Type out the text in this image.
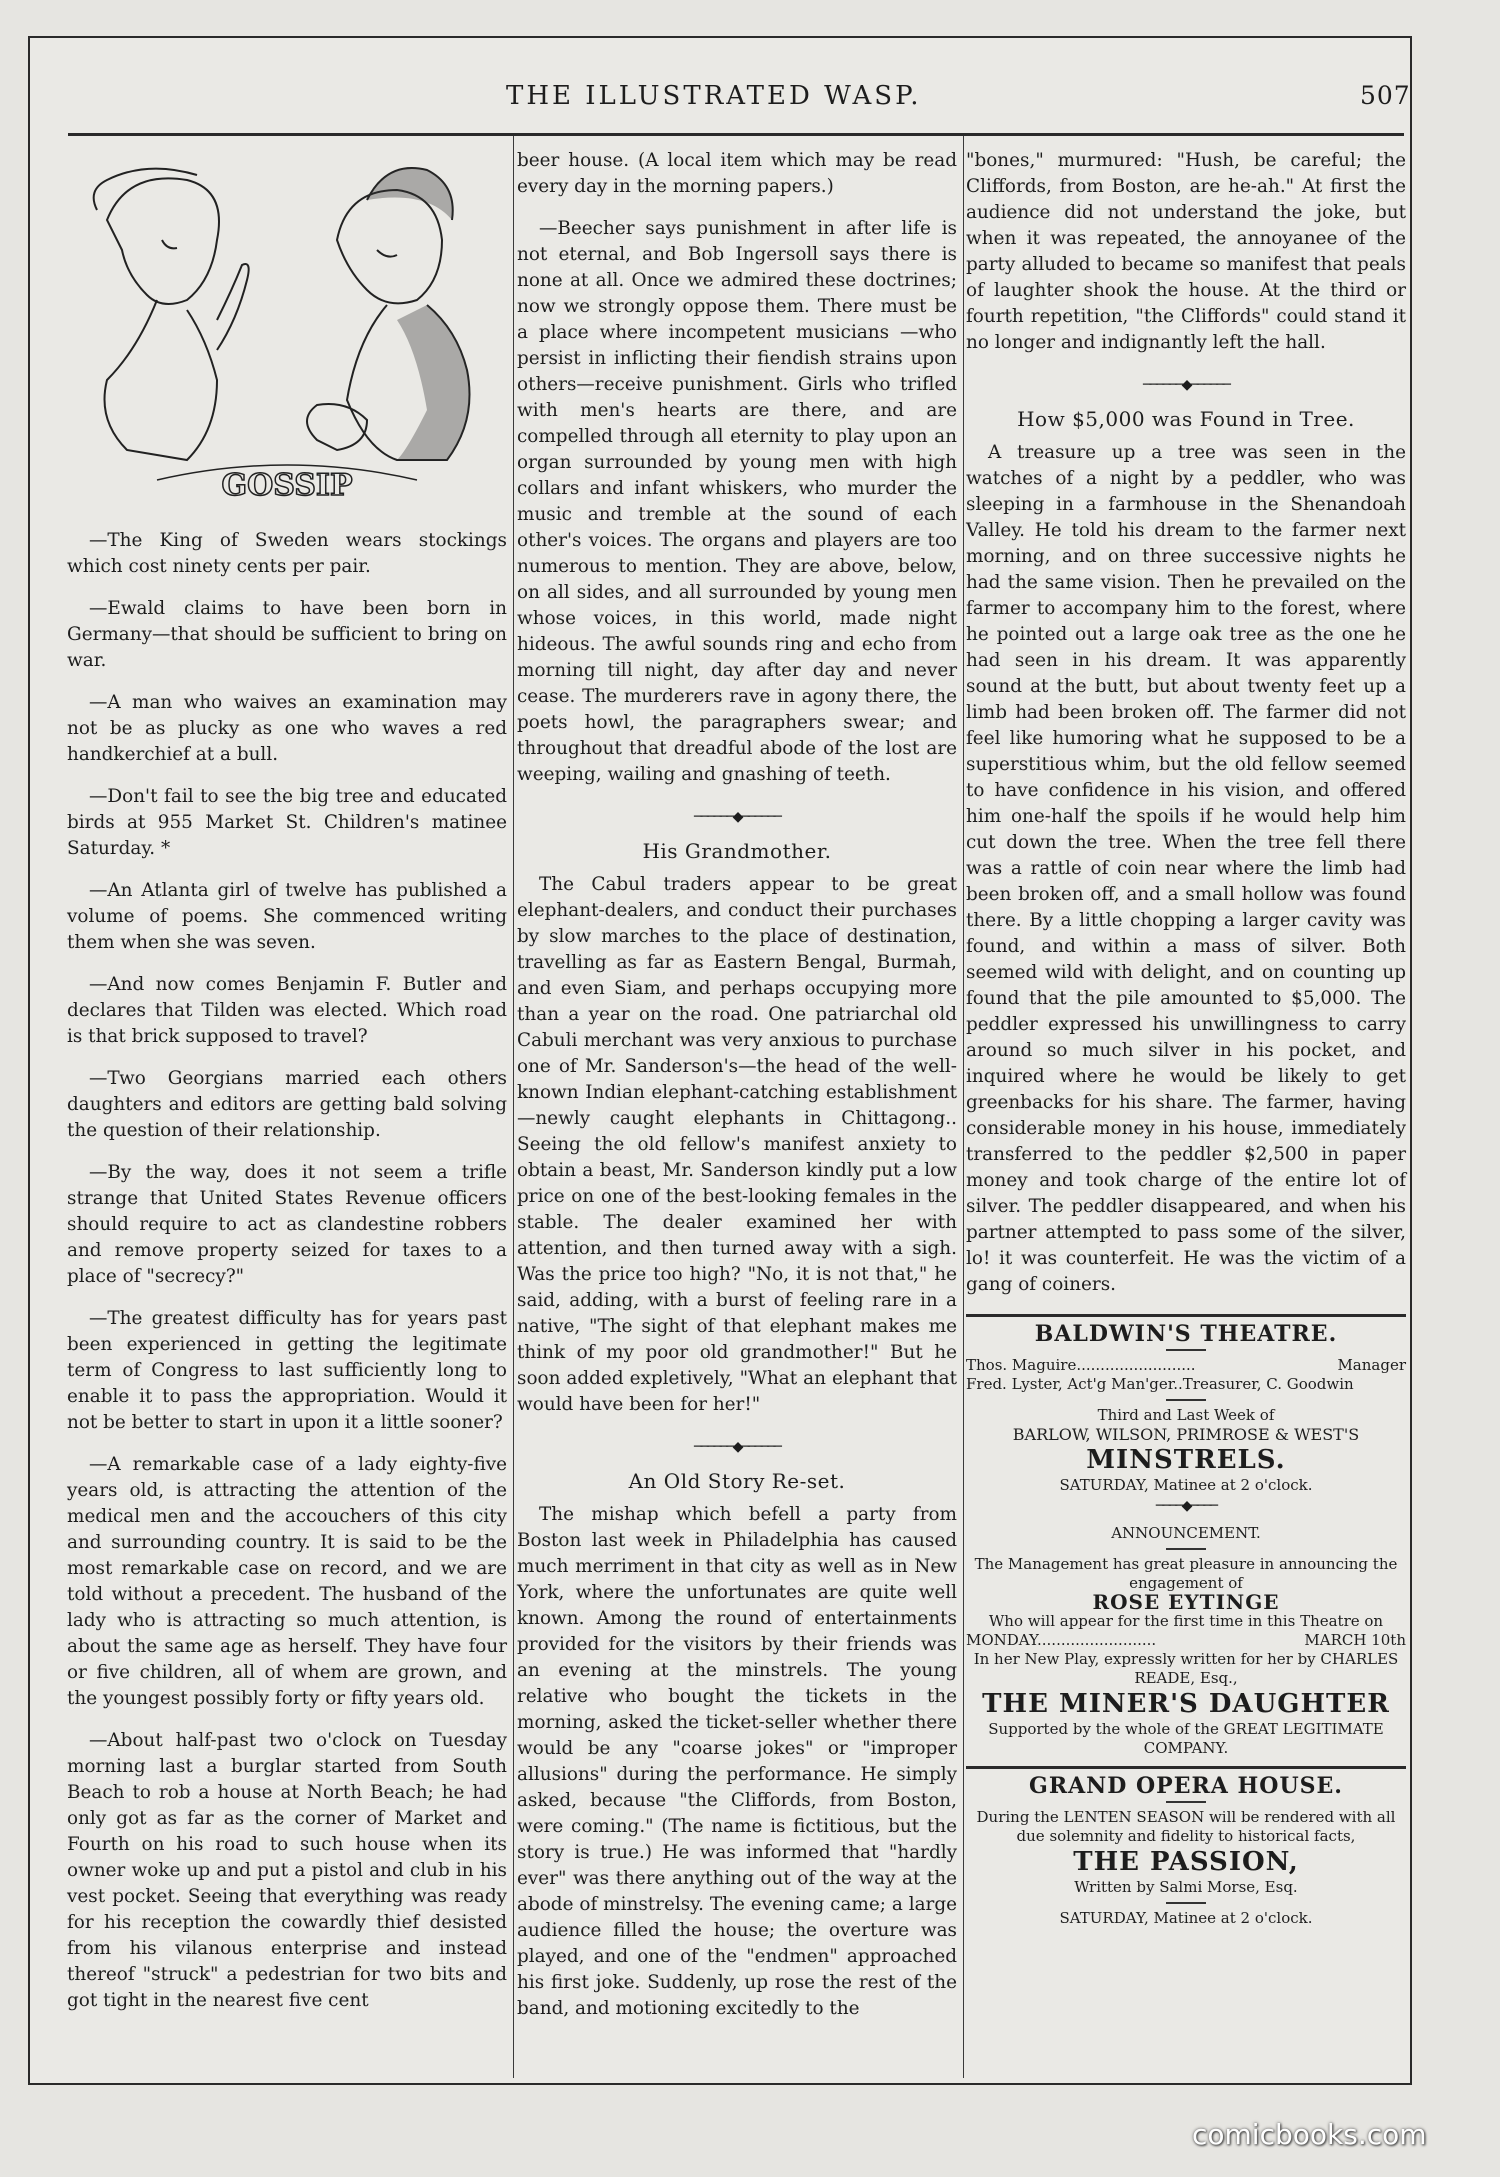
THE ILLUSTRATED WASP.	507
GOSSIP

—The King of Sweden wears stockings which cost ninety cents per pair.

—Ewald claims to have been born in Germany—that should be sufficient to bring on war.

—A man who waives an examination may not be as plucky as one who waves a red handkerchief at a bull.

—Don't fail to see the big tree and educated birds at 955 Market St. Children's matinee Saturday. *

—An Atlanta girl of twelve has published a volume of poems. She commenced writing them when she was seven.

—And now comes Benjamin F. Butler and declares that Tilden was elected. Which road is that brick supposed to travel?

—Two Georgians married each others daughters and editors are getting bald solving the question of their relationship.

—By the way, does it not seem a trifle strange that United States Revenue officers should require to act as clandestine robbers and remove property seized for taxes to a place of "secrecy?"

—The greatest difficulty has for years past been experienced in getting the legitimate term of Congress to last sufficiently long to enable it to pass the appropriation. Would it not be better to start in upon it a little sooner?

—A remarkable case of a lady eighty-five years old, is attracting the attention of the medical men and the accouchers of this city and surrounding country. It is said to be the most remarkable case on record, and we are told without a precedent. The husband of the lady who is attracting so much attention, is about the same age as herself. They have four or five children, all of whem are grown, and the youngest possibly forty or fifty years old.

—About half-past two o'clock on Tuesday morning last a burglar started from South Beach to rob a house at North Beach; he had only got as far as the corner of Market and Fourth on his road to such house when its owner woke up and put a pistol and club in his vest pocket. Seeing that everything was ready for his reception the cowardly thief desisted from his vilanous enterprise and instead thereof "struck" a pedestrian for two bits and got tight in the nearest five cent

beer house. (A local item which may be read every day in the morning papers.)

—Beecher says punishment in after life is not eternal, and Bob Ingersoll says there is none at all. Once we admired these doctrines; now we strongly oppose them. There must be a place where incompetent musicians —who persist in inflicting their fiendish strains upon others—receive punishment. Girls who trifled with men's hearts are there, and are compelled through all eternity to play upon an organ surrounded by young men with high collars and infant whiskers, who murder the music and tremble at the sound of each other's voices. The organs and players are too numerous to mention. They are above, below, on all sides, and all surrounded by young men whose voices, in this world, made night hideous. The awful sounds ring and echo from morning till night, day after day and never cease. The murderers rave in agony there, the poets howl, the paragraphers swear; and throughout that dreadful abode of the lost are weeping, wailing and gnashing of teeth.

──────◆──────
His Grandmother.

The Cabul traders appear to be great elephant-dealers, and conduct their purchases by slow marches to the place of destination, travelling as far as Eastern Bengal, Burmah, and even Siam, and perhaps occupying more than a year on the road. One patriarchal old Cabuli merchant was very anxious to purchase one of Mr. Sanderson's—the head of the well-known Indian elephant-catching establishment—newly caught elephants in Chittagong.. Seeing the old fellow's manifest anxiety to obtain a beast, Mr. Sanderson kindly put a low price on one of the best-looking females in the stable. The dealer examined her with attention, and then turned away with a sigh. Was the price too high? "No, it is not that," he said, adding, with a burst of feeling rare in a native, "The sight of that elephant makes me think of my poor old grandmother!" But he soon added expletively, "What an elephant that would have been for her!"

──────◆──────
An Old Story Re-set.

The mishap which befell a party from Boston last week in Philadelphia has caused much merriment in that city as well as in New York, where the unfortunates are quite well known. Among the round of entertainments provided for the visitors by their friends was an evening at the minstrels. The young relative who bought the tickets in the morning, asked the ticket-seller whether there would be any "coarse jokes" or "improper allusions" during the performance. He simply asked, because "the Cliffords, from Boston, were coming." (The name is fictitious, but the story is true.) He was informed that "hardly ever" was there anything out of the way at the abode of minstrelsy. The evening came; a large audience filled the house; the overture was played, and one of the "endmen" approached his first joke. Suddenly, up rose the rest of the band, and motioning excitedly to the

"bones," murmured: "Hush, be careful; the Cliffords, from Boston, are he-ah." At first the audience did not understand the joke, but when it was repeated, the annoyanee of the party alluded to became so manifest that peals of laughter shook the house. At the third or fourth repetition, "the Cliffords" could stand it no longer and indignantly left the hall.

──────◆──────
How $5,000 was Found in Tree.

A treasure up a tree was seen in the watches of a night by a peddler, who was sleeping in a farmhouse in the Shenandoah Valley. He told his dream to the farmer next morning, and on three successive nights he had the same vision. Then he prevailed on the farmer to accompany him to the forest, where he pointed out a large oak tree as the one he had seen in his dream. It was apparently sound at the butt, but about twenty feet up a limb had been broken off. The farmer did not feel like humoring what he supposed to be a superstitious whim, but the old fellow seemed to have confidence in his vision, and offered him one-half the spoils if he would help him cut down the tree. When the tree fell there was a rattle of coin near where the limb had been broken off, and a small hollow was found there. By a little chopping a larger cavity was found, and within a mass of silver. Both seemed wild with delight, and on counting up found that the pile amounted to $5,000. The peddler expressed his unwillingness to carry around so much silver in his pocket, and inquired where he would be likely to get greenbacks for his share. The farmer, having considerable money in his house, immediately transferred to the peddler $2,500 in paper money and took charge of the entire lot of silver. The peddler disappeared, and when his partner attempted to pass some of the silver, lo! it was counterfeit. He was the victim of a gang of coiners.

BALDWIN'S THEATRE.
Thos. Maguire.........................	Manager
Fred. Lyster, Act'g Man'ger..Treasurer, C. Goodwin
Third and Last Week of
BARLOW, WILSON, PRIMROSE & WEST'S
MINSTRELS.
SATURDAY, Matinee at 2 o'clock.
────◆────
ANNOUNCEMENT.
The Management has great pleasure in announcing the engagement of
ROSE EYTINGE
Who will appear for the first time in this Theatre on
MONDAY.........................	MARCH 10th
In her New Play, expressly written for her by CHARLES READE, Esq.,
THE MINER'S DAUGHTER
Supported by the whole of the GREAT LEGITIMATE COMPANY.
GRAND OPERA HOUSE.
During the LENTEN SEASON will be rendered with all due solemnity and fidelity to historical facts,
THE PASSION,
Written by Salmi Morse, Esq.
SATURDAY, Matinee at 2 o'clock.
comicbooks.com
